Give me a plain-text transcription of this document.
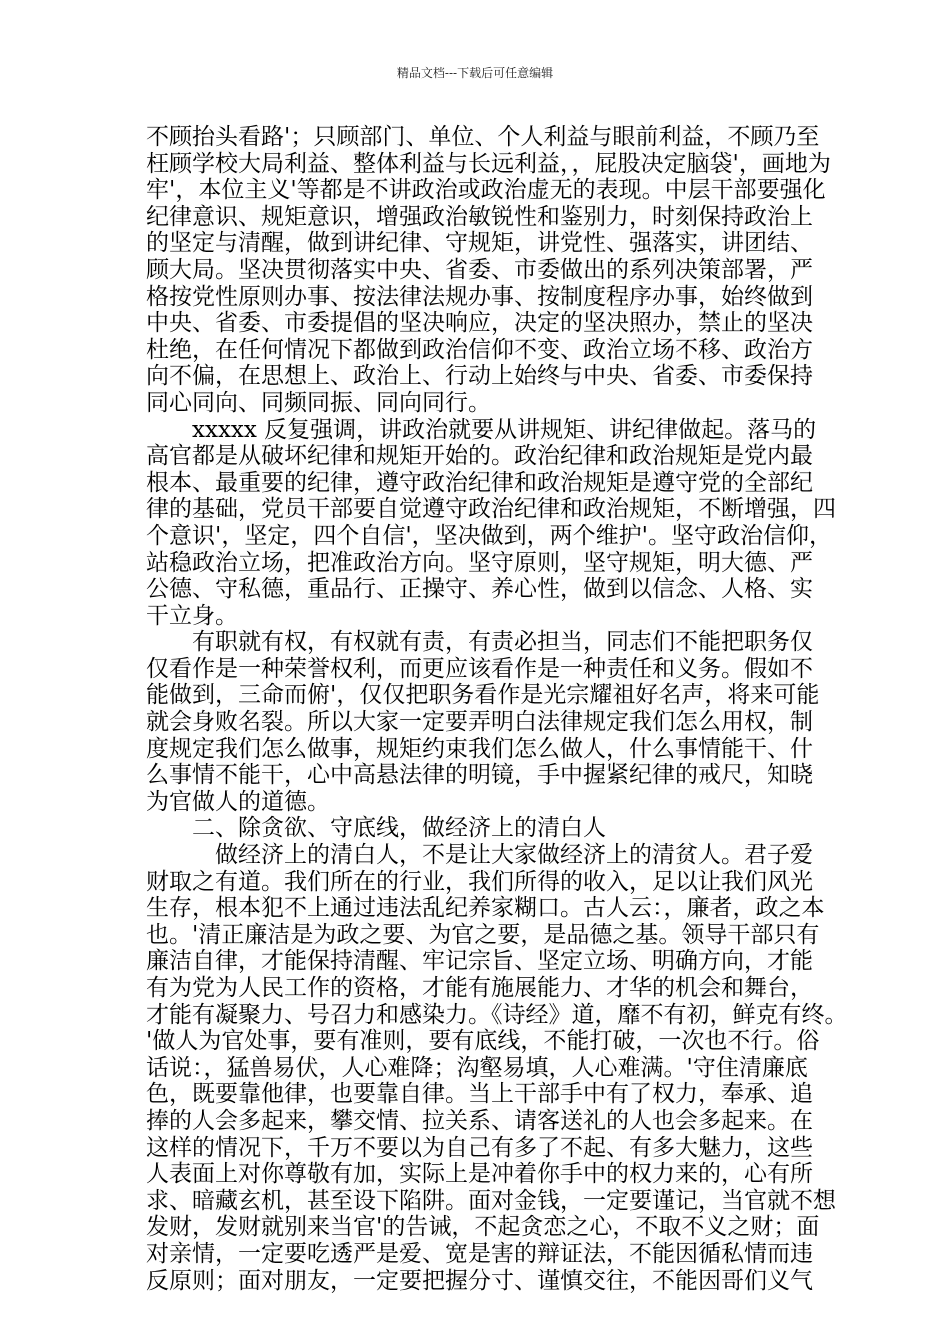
精品文档---下载后可任意编辑
不顾抬头看路'；只顾部门、单位、个人利益与眼前利益，不顾乃至
枉顾学校大局利益、整体利益与长远利益，，屁股决定脑袋'，画地为
牢'，本位主义'等都是不讲政治或政治虚无的表现。中层干部要强化
纪律意识、规矩意识，增强政治敏锐性和鉴别力，时刻保持政治上
的坚定与清醒，做到讲纪律、守规矩，讲党性、强落实，讲团结、
顾大局。坚决贯彻落实中央、省委、市委做出的系列决策部署，严
格按党性原则办事、按法律法规办事、按制度程序办事，始终做到
中央、省委、市委提倡的坚决响应，决定的坚决照办，禁止的坚决
杜绝，在任何情况下都做到政治信仰不变、政治立场不移、政治方
向不偏，在思想上、政治上、行动上始终与中央、省委、市委保持
同心同向、同频同振、同向同行。
　　xxxxx 反复强调，讲政治就要从讲规矩、讲纪律做起。落马的
高官都是从破坏纪律和规矩开始的。政治纪律和政治规矩是党内最
根本、最重要的纪律，遵守政治纪律和政治规矩是遵守党的全部纪
律的基础，党员干部要自觉遵守政治纪律和政治规矩，不断增强，四
个意识'，坚定，四个自信'，坚决做到，两个维护'。坚守政治信仰，
站稳政治立场，把准政治方向。坚守原则，坚守规矩，明大德、严
公德、守私德，重品行、正操守、养心性，做到以信念、人格、实
干立身。
　　有职就有权，有权就有责，有责必担当，同志们不能把职务仅
仅看作是一种荣誉权利，而更应该看作是一种责任和义务。假如不
能做到，三命而俯'，仅仅把职务看作是光宗耀祖好名声，将来可能
就会身败名裂。所以大家一定要弄明白法律规定我们怎么用权，制
度规定我们怎么做事，规矩约束我们怎么做人，什么事情能干、什
么事情不能干，心中高悬法律的明镜，手中握紧纪律的戒尺，知晓
为官做人的道德。
　　二、除贪欲、守底线，做经济上的清白人
　　　做经济上的清白人，不是让大家做经济上的清贫人。君子爱
财取之有道。我们所在的行业，我们所得的收入，足以让我们风光
生存，根本犯不上通过违法乱纪养家糊口。古人云：，廉者，政之本
也。'清正廉洁是为政之要、为官之要，是品德之基。领导干部只有
廉洁自律，才能保持清醒、牢记宗旨、坚定立场、明确方向，才能
有为党为人民工作的资格，才能有施展能力、才华的机会和舞台，
才能有凝聚力、号召力和感染力。《诗经》道，靡不有初，鲜克有终。
'做人为官处事，要有准则，要有底线，不能打破，一次也不行。俗
话说：，猛兽易伏，人心难降；沟壑易填，人心难满。'守住清廉底
色，既要靠他律，也要靠自律。当上干部手中有了权力，奉承、追
捧的人会多起来，攀交情、拉关系、请客送礼的人也会多起来。在
这样的情况下，千万不要以为自己有多了不起、有多大魅力，这些
人表面上对你尊敬有加，实际上是冲着你手中的权力来的，心有所
求、暗藏玄机，甚至设下陷阱。面对金钱，一定要谨记，当官就不想
发财，发财就别来当官'的告诫，不起贪恋之心，不取不义之财；面
对亲情，一定要吃透严是爱、宽是害的辩证法，不能因循私情而违
反原则；面对朋友，一定要把握分寸、谨慎交往，不能因哥们义气
